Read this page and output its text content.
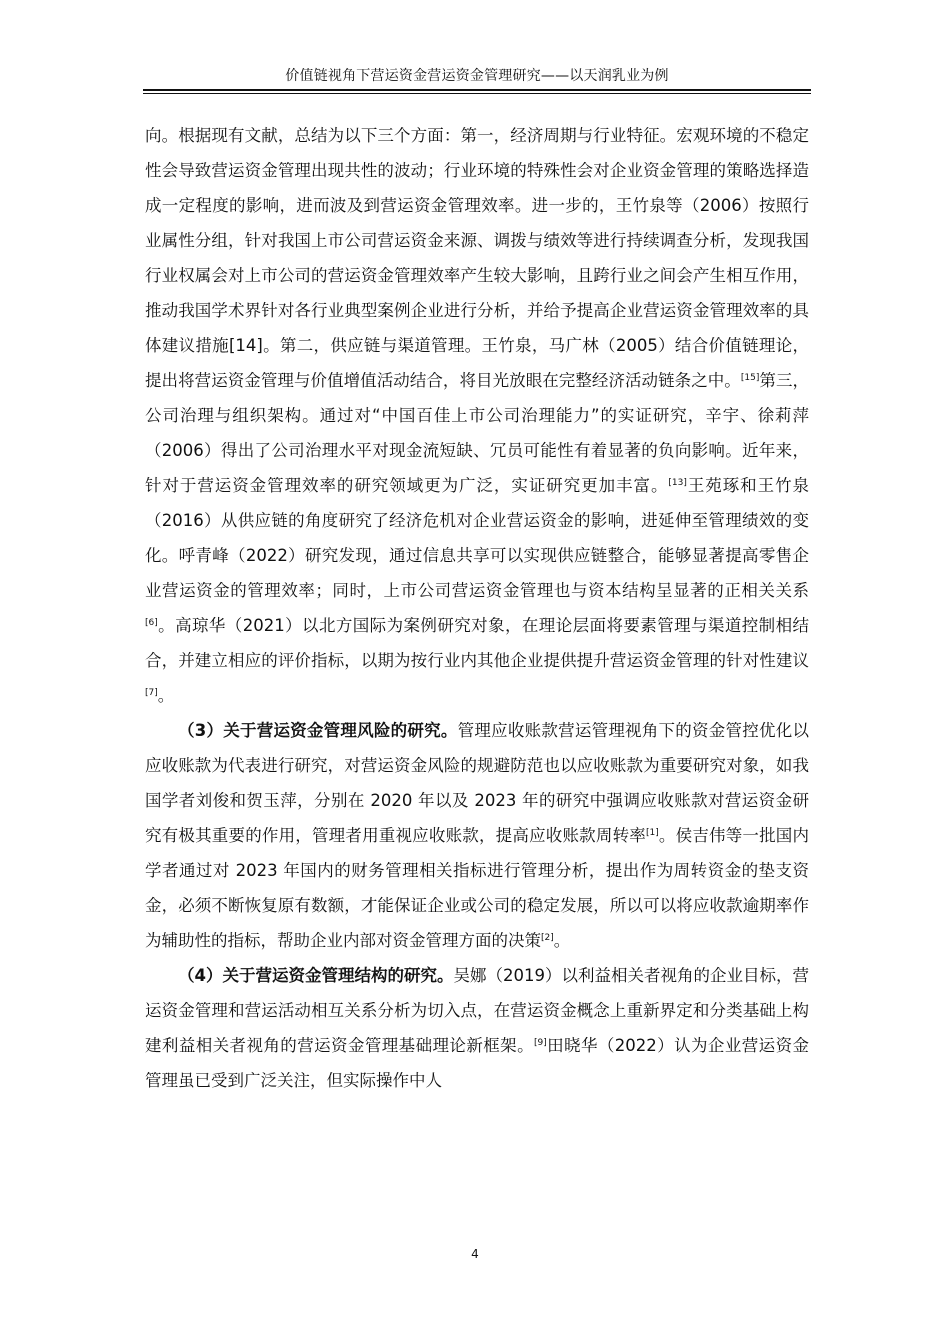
价值链视角下营运资金营运资金管理研究——以天润乳业为例

向。根据现有文献，总结为以下三个方面：第一，经济周期与行业特征。宏观环境的不稳定性会导致营运资金管理出现共性的波动；行业环境的特殊性会对企业资金管理的策略选择造成一定程度的影响，进而波及到营运资金管理效率。进一步的，王竹泉等（2006）按照行业属性分组，针对我国上市公司营运资金来源、调拨与绩效等进行持续调查分析，发现我国行业权属会对上市公司的营运资金管理效率产生较大影响，且跨行业之间会产生相互作用，推动我国学术界针对各行业典型案例企业进行分析，并给予提高企业营运资金管理效率的具体建议措施[14]。第二，供应链与渠道管理。王竹泉，马广林（2005）结合价值链理论，提出将营运资金管理与价值增值活动结合，将目光放眼在完整经济活动链条之中。[15]第三，公司治理与组织架构。通过对“中国百佳上市公司治理能力”的实证研究，辛宇、徐莉萍（2006）得出了公司治理水平对现金流短缺、冗员可能性有着显著的负向影响。近年来，针对于营运资金管理效率的研究领域更为广泛，实证研究更加丰富。[13]王苑琢和王竹泉（2016）从供应链的角度研究了经济危机对企业营运资金的影响，进延伸至管理绩效的变化。呼青峰（2022）研究发现，通过信息共享可以实现供应链整合，能够显著提高零售企业营运资金的管理效率；同时，上市公司营运资金管理也与资本结构呈显著的正相关关系[6]。高琼华（2021）以北方国际为案例研究对象，在理论层面将要素管理与渠道控制相结合，并建立相应的评价指标，以期为按行业内其他企业提供提升营运资金管理的针对性建议[7]。

（3）关于营运资金管理风险的研究。管理应收账款营运管理视角下的资金管控优化以应收账款为代表进行研究，对营运资金风险的规避防范也以应收账款为重要研究对象，如我国学者刘俊和贺玉萍，分别在 2020 年以及 2023 年的研究中强调应收账款对营运资金研究有极其重要的作用，管理者用重视应收账款，提高应收账款周转率[1]。侯吉伟等一批国内学者通过对 2023 年国内的财务管理相关指标进行管理分析，提出作为周转资金的垫支资金，必须不断恢复原有数额，才能保证企业或公司的稳定发展，所以可以将应收款逾期率作为辅助性的指标，帮助企业内部对资金管理方面的决策[2]。

（4）关于营运资金管理结构的研究。吴娜（2019）以利益相关者视角的企业目标，营运资金管理和营运活动相互关系分析为切入点，在营运资金概念上重新界定和分类基础上构建利益相关者视角的营运资金管理基础理论新框架。[9]田晓华（2022）认为企业营运资金管理虽已受到广泛关注，但实际操作中人

4
